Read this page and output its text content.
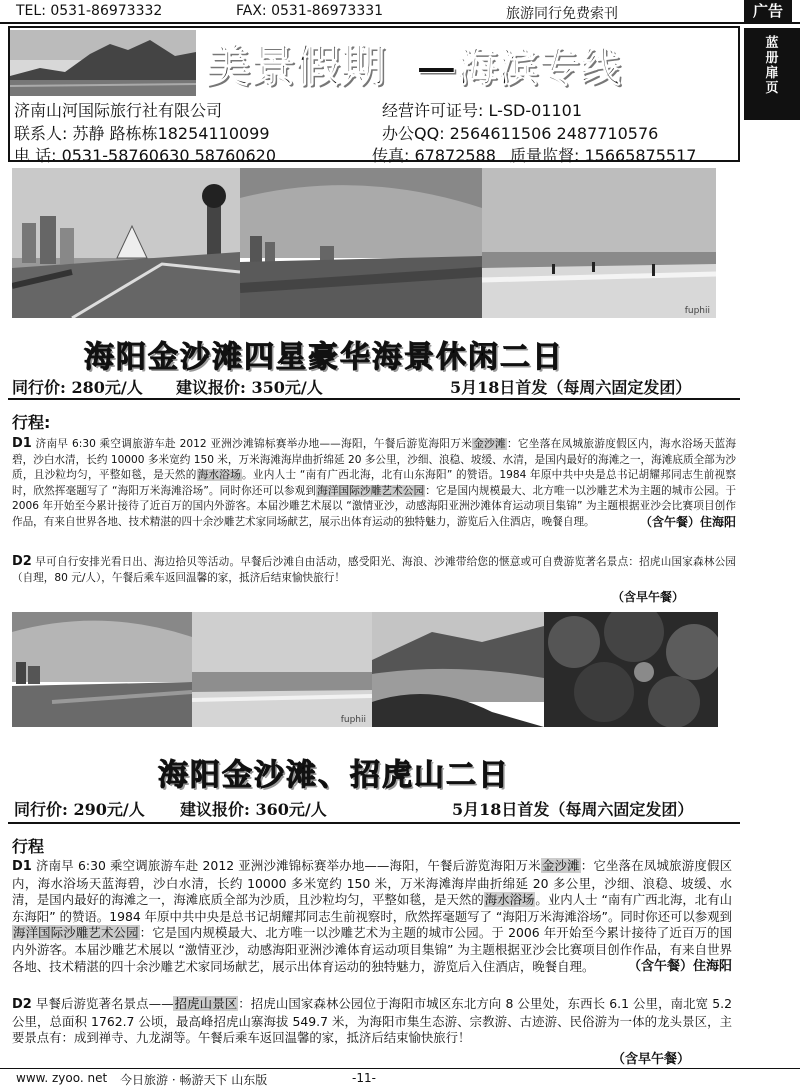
TEL: 0531-86973332	FAX: 0531-86973331	旅游同行免费索刊	广告
蓝
册
扉
页
美景假期 —海滨专线
济南山河国际旅行社有限公司	经营许可证号: L-SD-01101
联系人: 苏静 路栋栋18254110099	办公QQ: 2564611506 2487710576
电 话: 0531-58760630 58760620	传真: 67872588 质量监督: 15665875517
fuphii
海阳金沙滩四星豪华海景休闲二日
同行价: 280元/人 建议报价: 350元/人	5月18日首发（每周六固定发团）
行程:
D1 济南早 6:30 乘空调旅游车赴 2012 亚洲沙滩锦标赛举办地——海阳，午餐后游览海阳万米金沙滩：它坐落在凤城旅游度假区内，海水浴场天蓝海碧，沙白水清，长约 10000 多米宽约 150 米，万米海滩海岸曲折绵延 20 多公里，沙细、浪稳、坡缓、水清，是国内最好的海滩之一，海滩底质全部为沙质，且沙粒均匀，平整如毯，是天然的海水浴场。业内人士 “南有广西北海，北有山东海阳” 的赞语。1984 年原中共中央是总书记胡耀邦同志生前视察时，欣然挥毫题写了 “海阳万米海滩浴场”。同时你还可以参观到海洋国际沙雕艺术公园：它是国内规模最大、北方唯一以沙雕艺术为主题的城市公园。于 2006 年开始至今累计接待了近百万的国内外游客。本届沙雕艺术展以 “激情亚沙，动感海阳亚洲沙滩体育运动项目集锦” 为主题根据亚沙会比赛项目创作作品，有来自世界各地、技术精湛的四十余沙雕艺术家同场献艺，展示出体育运动的独特魅力，游览后入住酒店，晚餐自理。	（含午餐）住海阳
D2 早可自行安排光看日出、海边拾贝等活动。早餐后沙滩自由活动，感受阳光、海浪、沙滩带给您的惬意或可自费游览著名景点：招虎山国家森林公园（自理，80 元/人），午餐后乘车返回温馨的家，抵济后结束愉快旅行！
（含早午餐）
fuphii
海阳金沙滩、招虎山二日
同行价: 290元/人 建议报价: 360元/人	5月18日首发（每周六固定发团）
行程
D1 济南早 6:30 乘空调旅游车赴 2012 亚洲沙滩锦标赛举办地——海阳，午餐后游览海阳万米金沙滩：它坐落在凤城旅游度假区内，海水浴场天蓝海碧，沙白水清，长约 10000 多米宽约 150 米，万米海滩海岸曲折绵延 20 多公里，沙细、浪稳、坡缓、水清，是国内最好的海滩之一，海滩底质全部为沙质，且沙粒均匀，平整如毯，是天然的海水浴场。业内人士 “南有广西北海，北有山东海阳” 的赞语。1984 年原中共中央是总书记胡耀邦同志生前视察时，欣然挥毫题写了 “海阳万米海滩浴场”。同时你还可以参观到海洋国际沙雕艺术公园：它是国内规模最大、北方唯一以沙雕艺术为主题的城市公园。于 2006 年开始至今累计接待了近百万的国内外游客。本届沙雕艺术展以 “激情亚沙，动感海阳亚洲沙滩体育运动项目集锦” 为主题根据亚沙会比赛项目创作作品，有来自世界各地、技术精湛的四十余沙雕艺术家同场献艺，展示出体育运动的独特魅力，游览后入住酒店，晚餐自理。	（含午餐）住海阳
D2 早餐后游览著名景点——招虎山景区：招虎山国家森林公园位于海阳市城区东北方向 8 公里处，东西长 6.1 公里，南北宽 5.2 公里，总面积 1762.7 公顷，最高峰招虎山寨海拔 549.7 米，为海阳市集生态游、宗教游、古迹游、民俗游为一体的龙头景区，主要景点有：成到禅寺、九龙湖等。午餐后乘车返回温馨的家，抵济后结束愉快旅行！
（含早午餐）
www. zyoo. net 今日旅游 · 畅游天下 山东版	-11-
